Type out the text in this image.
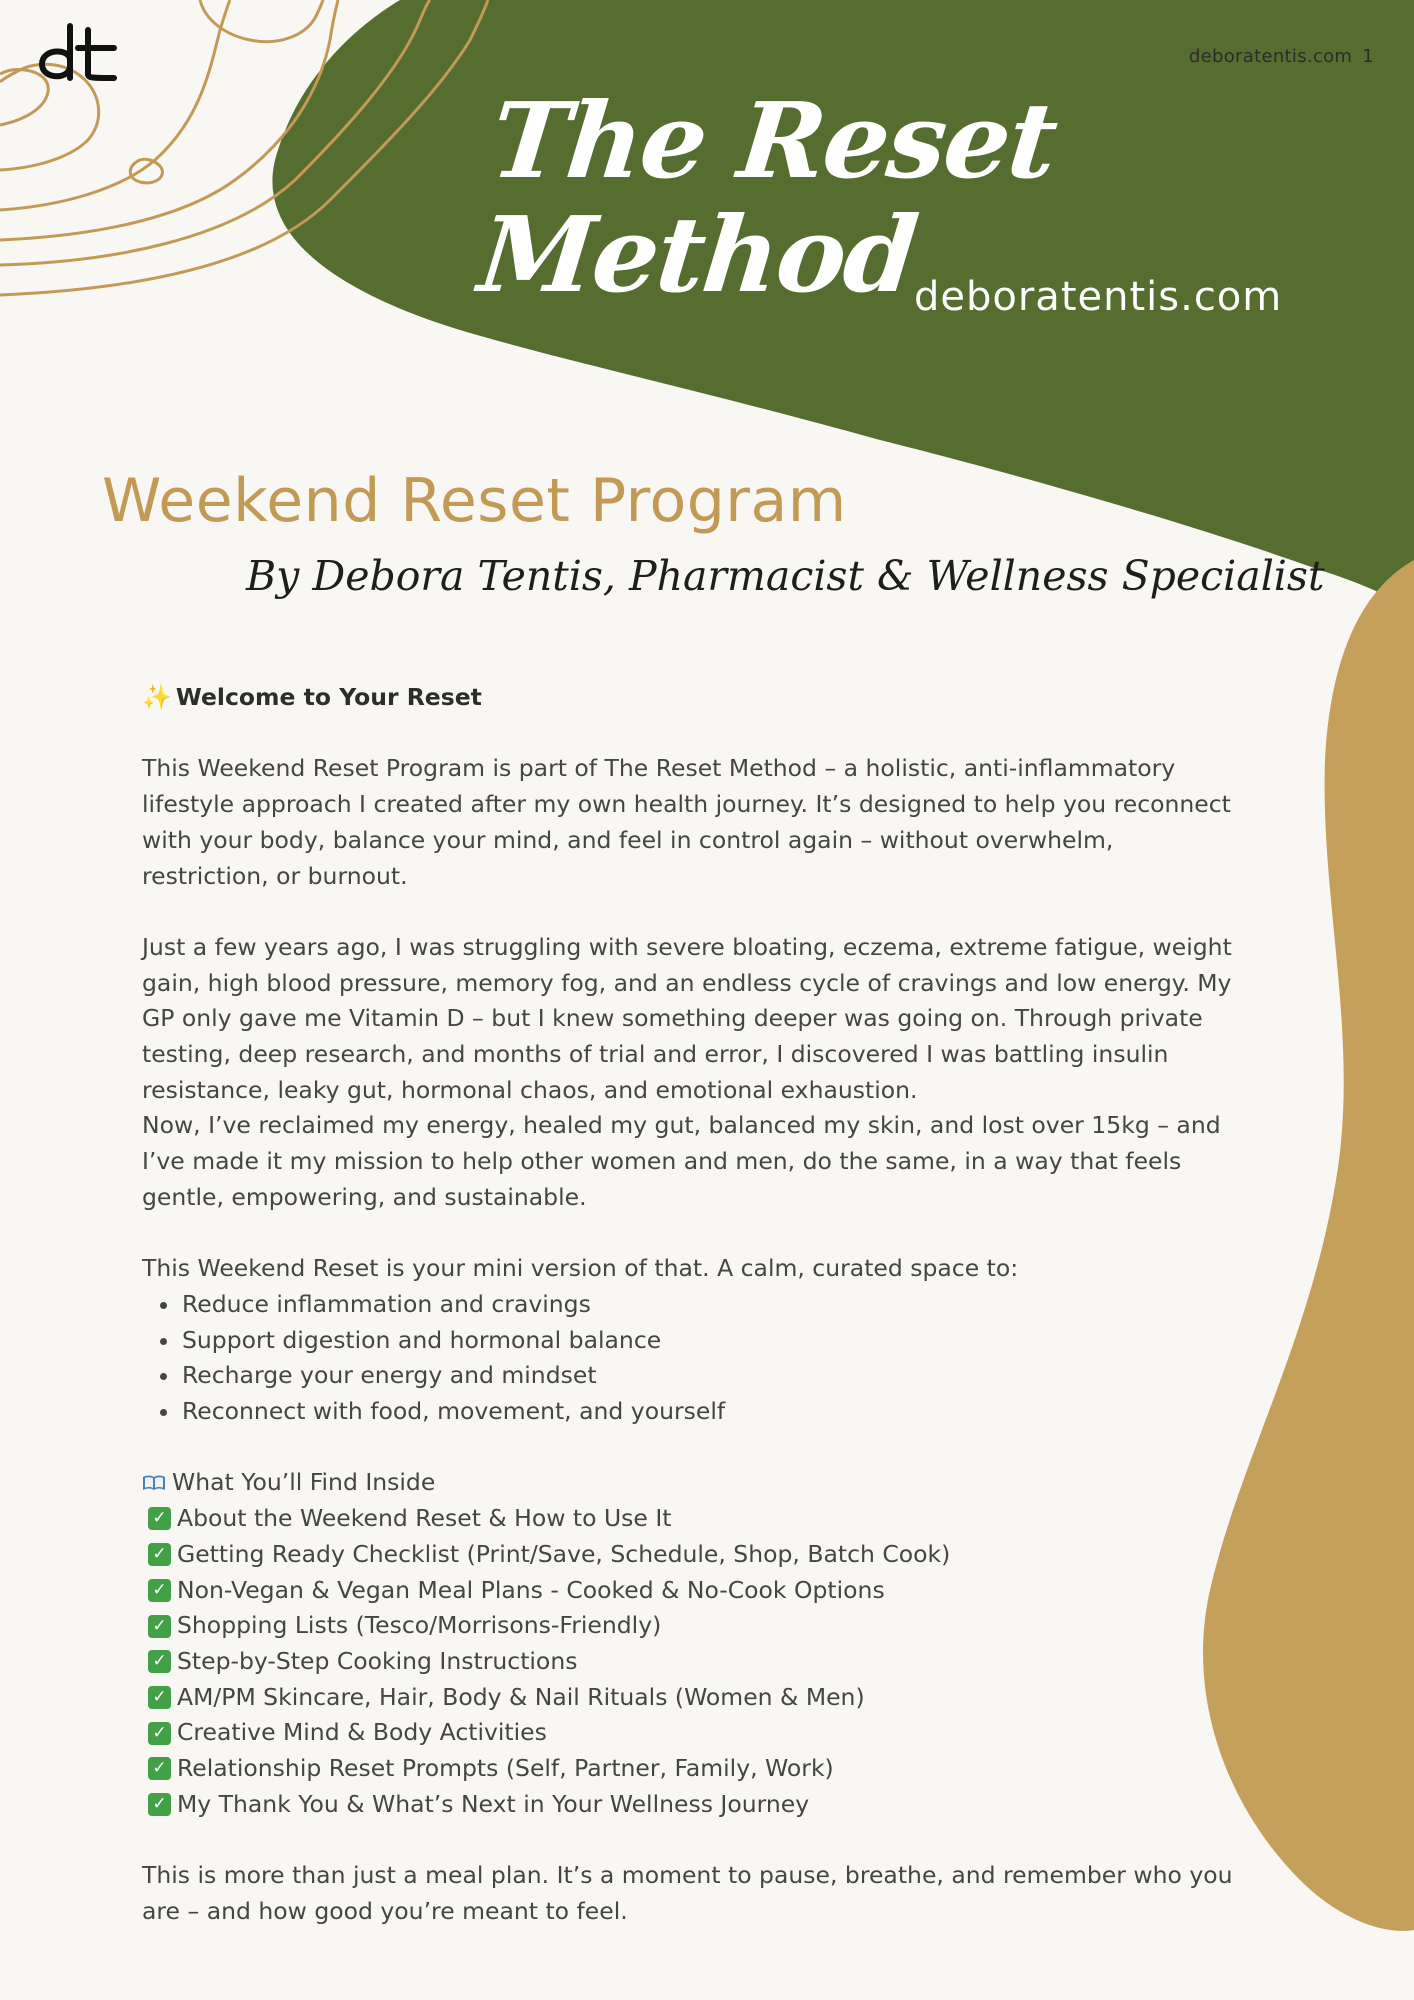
deboratentis.com 1
The Reset Method
deboratentis.com
Weekend Reset Program
By Debora Tentis, Pharmacist & Wellness Specialist

✨ Welcome to Your Reset

This Weekend Reset Program is part of The Reset Method – a holistic, anti-inflammatory lifestyle approach I created after my own health journey. It’s designed to help you reconnect with your body, balance your mind, and feel in control again – without overwhelm, restriction, or burnout.

Just a few years ago, I was struggling with severe bloating, eczema, extreme fatigue, weight gain, high blood pressure, memory fog, and an endless cycle of cravings and low energy. My GP only gave me Vitamin D – but I knew something deeper was going on. Through private testing, deep research, and months of trial and error, I discovered I was battling insulin resistance, leaky gut, hormonal chaos, and emotional exhaustion.

Now, I’ve reclaimed my energy, healed my gut, balanced my skin, and lost over 15kg – and I’ve made it my mission to help other women and men, do the same, in a way that feels gentle, empowering, and sustainable.

This Weekend Reset is your mini version of that. A calm, curated space to:

Reduce inflammation and cravings
Support digestion and hormonal balance
Recharge your energy and mindset
Reconnect with food, movement, and yourself

What You’ll Find Inside

✓ About the Weekend Reset & How to Use It
✓ Getting Ready Checklist (Print/Save, Schedule, Shop, Batch Cook)
✓ Non-Vegan & Vegan Meal Plans - Cooked & No-Cook Options
✓ Shopping Lists (Tesco/Morrisons-Friendly)
✓ Step-by-Step Cooking Instructions
✓ AM/PM Skincare, Hair, Body & Nail Rituals (Women & Men)
✓ Creative Mind & Body Activities
✓ Relationship Reset Prompts (Self, Partner, Family, Work)
✓ My Thank You & What’s Next in Your Wellness Journey

This is more than just a meal plan. It’s a moment to pause, breathe, and remember who you are – and how good you’re meant to feel.
